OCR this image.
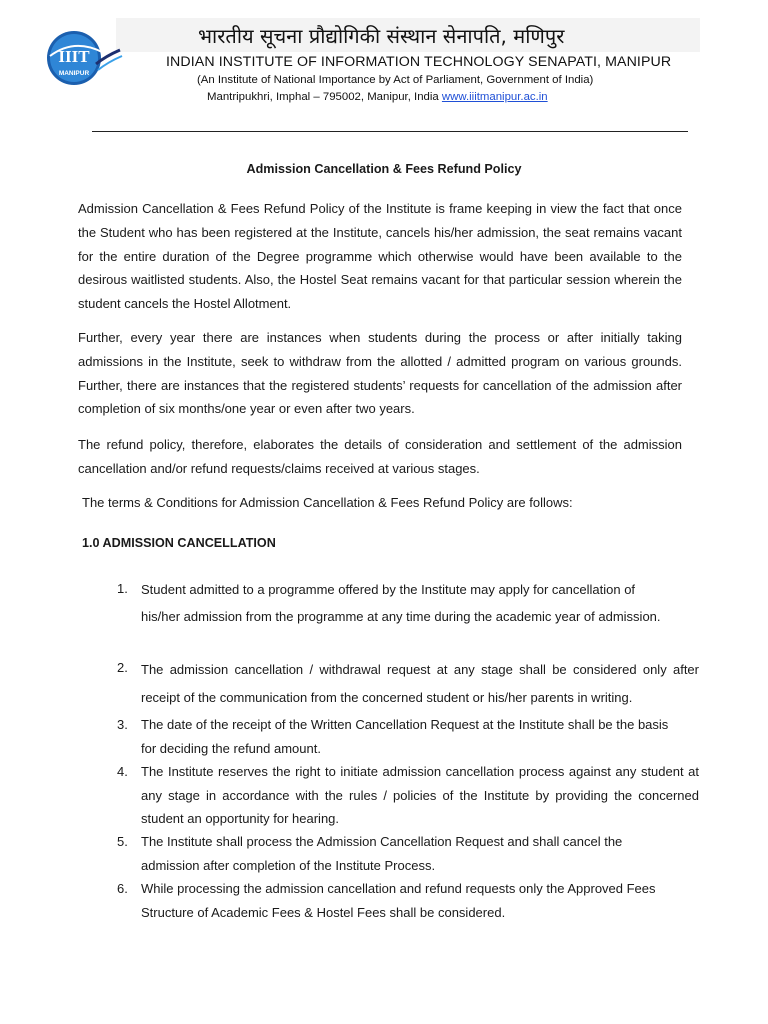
भारतीय सूचना प्रौद्योगिकी संस्थान सेनापति, मणिपुर
IIIT
MANIPUR
INDIAN INSTITUTE OF INFORMATION TECHNOLOGY SENAPATI, MANIPUR
(An Institute of National Importance by Act of Parliament, Government of India)
Mantripukhri, Imphal – 795002, Manipur, India www.iiitmanipur.ac.in
Admission Cancellation & Fees Refund Policy

Admission Cancellation & Fees Refund Policy of the Institute is frame keeping in view the fact that once the Student who has been registered at the Institute, cancels his/her admission, the seat remains vacant for the entire duration of the Degree programme which otherwise would have been available to the desirous waitlisted students. Also, the Hostel Seat remains vacant for that particular session wherein the student cancels the Hostel Allotment.

Further, every year there are instances when students during the process or after initially taking admissions in the Institute, seek to withdraw from the allotted / admitted program on various grounds. Further, there are instances that the registered students’ requests for cancellation of the admission after completion of six months/one year or even after two years.

The refund policy, therefore, elaborates the details of consideration and settlement of the admission cancellation and/or refund requests/claims received at various stages.

The terms & Conditions for Admission Cancellation & Fees Refund Policy are follows:
1.0 ADMISSION CANCELLATION
1.	Student admitted to a programme offered by the Institute may apply for cancellation of his/her admission from the programme at any time during the academic year of admission.
2.	The admission cancellation / withdrawal request at any stage shall be considered only after receipt of the communication from the concerned student or his/her parents in writing.
3.	The date of the receipt of the Written Cancellation Request at the Institute shall be the basis for deciding the refund amount.
4.	The Institute reserves the right to initiate admission cancellation process against any student at any stage in accordance with the rules / policies of the Institute by providing the concerned student an opportunity for hearing.
5.	The Institute shall process the Admission Cancellation Request and shall cancel the admission after completion of the Institute Process.
6.	While processing the admission cancellation and refund requests only the Approved Fees Structure of Academic Fees & Hostel Fees shall be considered.
